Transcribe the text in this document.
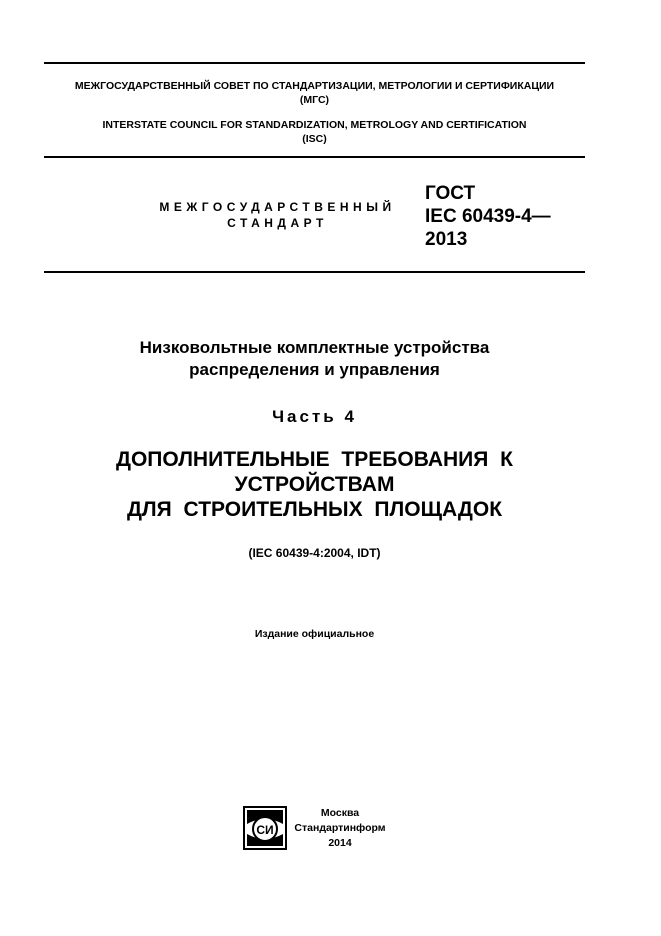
МЕЖГОСУДАРСТВЕННЫЙ СОВЕТ ПО СТАНДАРТИЗАЦИИ, МЕТРОЛОГИИ И СЕРТИФИКАЦИИ
(МГС)
INTERSTATE COUNCIL FOR STANDARDIZATION, METROLOGY AND CERTIFICATION
(ISC)
МЕЖГОСУДАРСТВЕННЫЙ
СТАНДАРТ
ГОСТ
IEC 60439-4—
2013
Низковольтные комплектные устройства
распределения и управления
Часть 4
ДОПОЛНИТЕЛЬНЫЕ ТРЕБОВАНИЯ К
УСТРОЙСТВАМ
ДЛЯ СТРОИТЕЛЬНЫХ ПЛОЩАДОК
(IEC 60439-4:2004, IDT)
Издание официальное
СИ
Москва
Стандартинформ
2014
